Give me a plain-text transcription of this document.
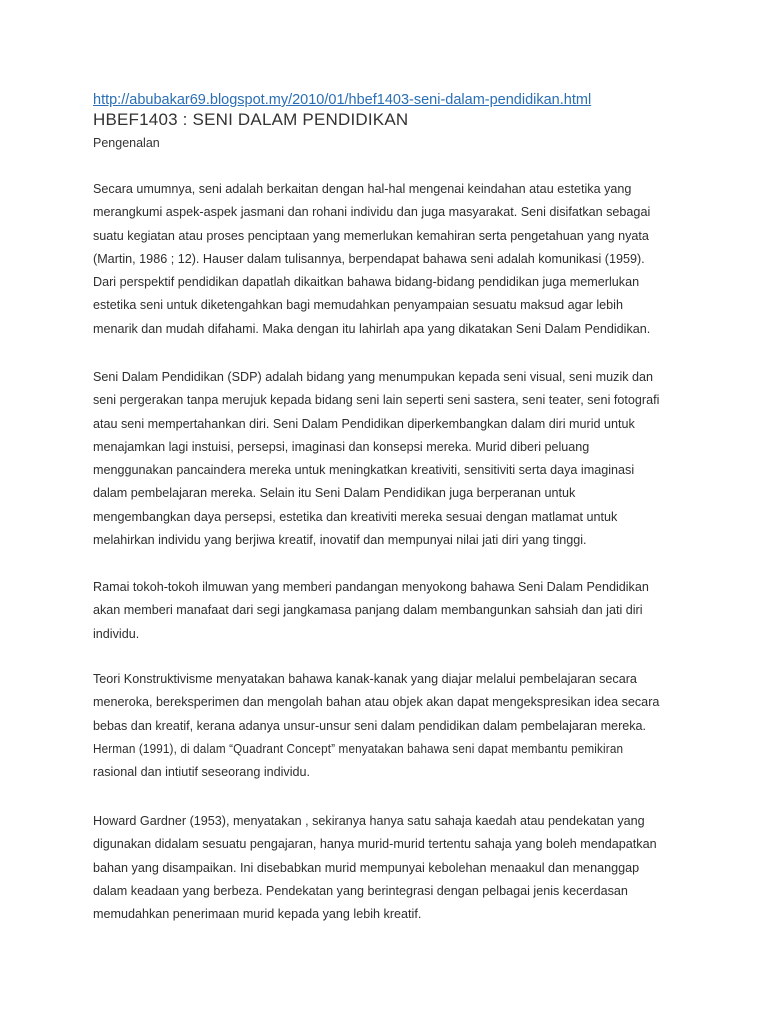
http://abubakar69.blogspot.my/2010/01/hbef1403-seni-dalam-pendidikan.html
HBEF1403 : SENI DALAM PENDIDIKAN
Pengenalan
Secara umumnya, seni adalah berkaitan dengan hal-hal mengenai keindahan atau estetika yang
merangkumi aspek-aspek jasmani dan rohani individu dan juga masyarakat. Seni disifatkan sebagai
suatu kegiatan atau proses penciptaan yang memerlukan kemahiran serta pengetahuan yang nyata
(Martin, 1986 ; 12). Hauser dalam tulisannya, berpendapat bahawa seni adalah komunikasi (1959).
Dari perspektif pendidikan dapatlah dikaitkan bahawa bidang-bidang pendidikan juga memerlukan
estetika seni untuk diketengahkan bagi memudahkan penyampaian sesuatu maksud agar lebih
menarik dan mudah difahami. Maka dengan itu lahirlah apa yang dikatakan Seni Dalam Pendidikan.
Seni Dalam Pendidikan (SDP) adalah bidang yang menumpukan kepada seni visual, seni muzik dan
seni pergerakan tanpa merujuk kepada bidang seni lain seperti seni sastera, seni teater, seni fotografi
atau seni mempertahankan diri. Seni Dalam Pendidikan diperkembangkan dalam diri murid untuk
menajamkan lagi instuisi, persepsi, imaginasi dan konsepsi mereka. Murid diberi peluang
menggunakan pancaindera mereka untuk meningkatkan kreativiti, sensitiviti serta daya imaginasi
dalam pembelajaran mereka. Selain itu Seni Dalam Pendidikan juga berperanan untuk
mengembangkan daya persepsi, estetika dan kreativiti mereka sesuai dengan matlamat untuk
melahirkan individu yang berjiwa kreatif, inovatif dan mempunyai nilai jati diri yang tinggi.
Ramai tokoh-tokoh ilmuwan yang memberi pandangan menyokong bahawa Seni Dalam Pendidikan
akan memberi manafaat dari segi jangkamasa panjang dalam membangunkan sahsiah dan jati diri
individu.
Teori Konstruktivisme menyatakan bahawa kanak-kanak yang diajar melalui pembelajaran secara
meneroka, bereksperimen dan mengolah bahan atau objek akan dapat mengekspresikan idea secara
bebas dan kreatif, kerana adanya unsur-unsur seni dalam pendidikan dalam pembelajaran mereka.
Herman (1991), di dalam “Quadrant Concept” menyatakan bahawa seni dapat membantu pemikiran
rasional dan intiutif seseorang individu.
Howard Gardner (1953), menyatakan , sekiranya hanya satu sahaja kaedah atau pendekatan yang
digunakan didalam sesuatu pengajaran, hanya murid-murid tertentu sahaja yang boleh mendapatkan
bahan yang disampaikan. Ini disebabkan murid mempunyai kebolehan menaakul dan menanggap
dalam keadaan yang berbeza. Pendekatan yang berintegrasi dengan pelbagai jenis kecerdasan
memudahkan penerimaan murid kepada yang lebih kreatif.
